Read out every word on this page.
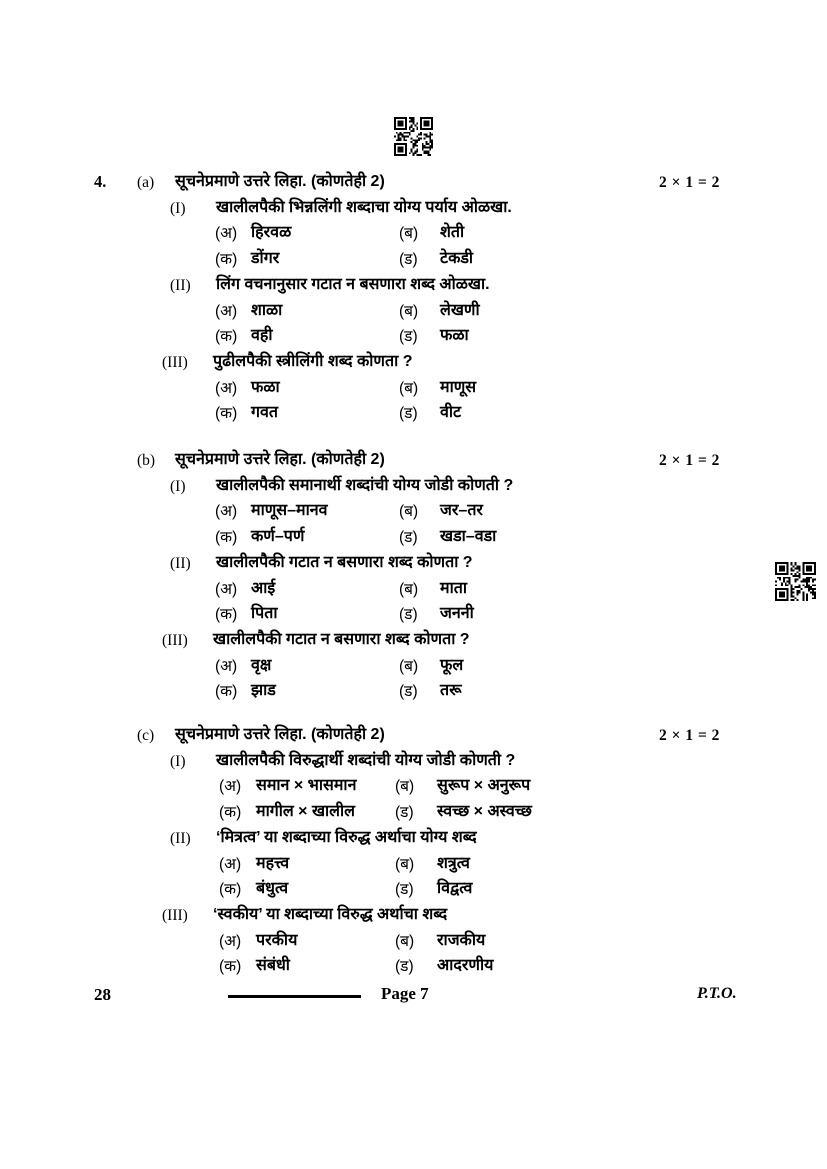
4. (a) सूचनेप्रमाणे उत्तरे लिहा. (कोणतेही 2)	2 × 1 = 2
(I)	खालीलपैकी भिन्नलिंगी शब्दाचा योग्य पर्याय ओळखा.
(अ) हिरवळ	(ब) शेती
(क) डोंगर	(ड) टेकडी
(II)	लिंग वचनानुसार गटात न बसणारा शब्द ओळखा.
(अ) शाळा	(ब) लेखणी
(क) वही	(ड) फळा
(III)	पुढीलपैकी स्त्रीलिंगी शब्द कोणता ?
(अ) फळा	(ब) माणूस
(क) गवत	(ड) वीट
(b) सूचनेप्रमाणे उत्तरे लिहा. (कोणतेही 2)	2 × 1 = 2
(I)	खालीलपैकी समानार्थी शब्दांची योग्य जोडी कोणती ?
(अ) माणूस–मानव	(ब) जर–तर
(क) कर्ण–पर्ण	(ड) खडा–वडा
(II)	खालीलपैकी गटात न बसणारा शब्द कोणता ?
(अ) आई	(ब) माता
(क) पिता	(ड) जननी
(III)	खालीलपैकी गटात न बसणारा शब्द कोणता ?
(अ) वृक्ष	(ब) फूल
(क) झाड	(ड) तरू
(c) सूचनेप्रमाणे उत्तरे लिहा. (कोणतेही 2)	2 × 1 = 2
(I)	खालीलपैकी विरुद्धार्थी शब्दांची योग्य जोडी कोणती ?
(अ) समान × भासमान (ब) सुरूप × अनुरूप
(क) मागील × खालील	(ड) स्वच्छ × अस्वच्छ
(II)	‘मित्रत्व’ या शब्दाच्या विरुद्ध अर्थाचा योग्य शब्द
(अ) महत्त्व	(ब) शत्रुत्व
(क) बंधुत्व	(ड) विद्वत्व
(III)	‘स्वकीय’ या शब्दाच्या विरुद्ध अर्थाचा शब्द
(अ) परकीय	(ब) राजकीय
(क) संबंधी	(ड) आदरणीय
28	Page 7	P.T.O.
